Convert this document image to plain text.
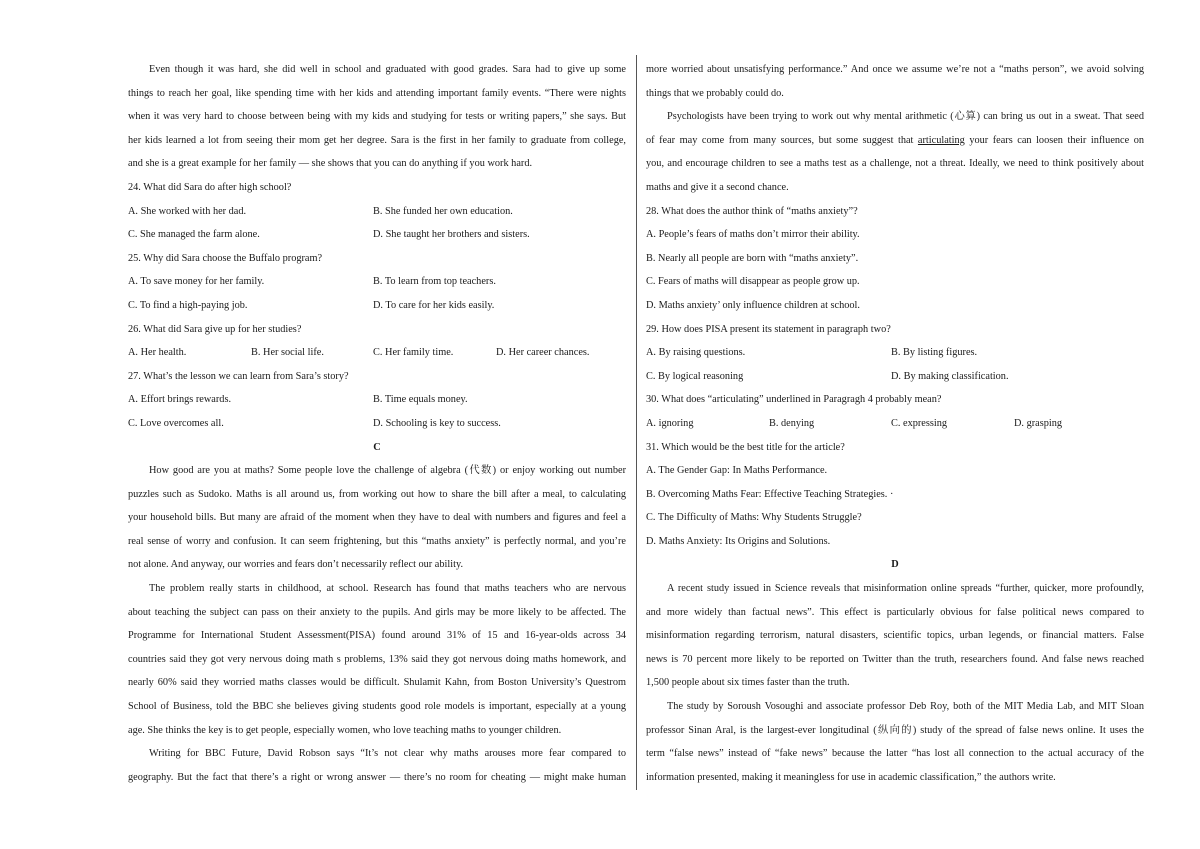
Even though it was hard, she did well in school and graduated with good grades. Sara had to give up some
things to reach her goal, like spending time with her kids and attending important family events. “There were nights
when it was very hard to choose between being with my kids and studying for tests or writing papers,” she says. But
her kids learned a lot from seeing their mom get her degree. Sara is the first in her family to graduate from college,
and she is a great example for her family — she shows that you can do anything if you work hard.
24. What did Sara do after high school?
A. She worked with her dad.	B. She funded her own education.
C. She managed the farm alone.	D. She taught her brothers and sisters.
25. Why did Sara choose the Buffalo program?
A. To save money for her family.	B. To learn from top teachers.
C. To find a high-paying job.	D. To care for her kids easily.
26. What did Sara give up for her studies?
A. Her health.	B. Her social life.	C. Her family time.	D. Her career chances.
27. What’s the lesson we can learn from Sara’s story?
A. Effort brings rewards.	B. Time equals money.
C. Love overcomes all.	D. Schooling is key to success.
C
How good are you at maths? Some people love the challenge of algebra (代数) or enjoy working out number
puzzles such as Sudoko. Maths is all around us, from working out how to share the bill after a meal, to calculating
your household bills. But many are afraid of the moment when they have to deal with numbers and figures and feel a
real sense of worry and confusion. It can seem frightening, but this “maths anxiety” is perfectly normal, and you’re
not alone. And anyway, our worries and fears don’t necessarily reflect our ability.
The problem really starts in childhood, at school. Research has found that maths teachers who are nervous
about teaching the subject can pass on their anxiety to the pupils. And girls may be more likely to be affected. The
Programme for International Student Assessment(PISA) found around 31% of 15 and 16-year-olds across 34
countries said they got very nervous doing math s problems, 13% said they got nervous doing maths homework, and
nearly 60% said they worried maths classes would be difficult. Shulamit Kahn, from Boston University’s Questrom
School of Business, told the BBC she believes giving students good role models is important, especially at a young
age. She thinks the key is to get people, especially women, who love teaching maths to younger children.
Writing for BBC Future, David Robson says “It’s not clear why maths arouses more fear compared to
geography. But the fact that there’s a right or wrong answer — there’s no room for cheating — might make human
more worried about unsatisfying performance.” And once we assume we’re not a “maths person”, we avoid solving
things that we probably could do.
Psychologists have been trying to work out why mental arithmetic (心算) can bring us out in a sweat. That seed
of fear may come from many sources, but some suggest that articulating your fears can loosen their influence on
you, and encourage children to see a maths test as a challenge, not a threat. Ideally, we need to think positively about
maths and give it a second chance.
28. What does the author think of “maths anxiety”?
A. People’s fears of maths don’t mirror their ability.
B. Nearly all people are born with “maths anxiety”.
C. Fears of maths will disappear as people grow up.
D. Maths anxiety’ only influence children at school.
29. How does PISA present its statement in paragraph two?
A. By raising questions.	B. By listing figures.
C. By logical reasoning	D. By making classification.
30. What does “articulating” underlined in Paragragh 4 probably mean?
A. ignoring	B. denying	C. expressing	D. grasping
31. Which would be the best title for the article?
A. The Gender Gap: In Maths Performance.
B. Overcoming Maths Fear: Effective Teaching Strategies. ·
C. The Difficulty of Maths: Why Students Struggle?
D. Maths Anxiety: Its Origins and Solutions.
D
A recent study issued in Science reveals that misinformation online spreads “further, quicker, more profoundly,
and more widely than factual news”. This effect is particularly obvious for false political news compared to
misinformation regarding terrorism, natural disasters, scientific topics, urban legends, or financial matters. False
news is 70 percent more likely to be reported on Twitter than the truth, researchers found. And false news reached
1,500 people about six times faster than the truth.
The study by Soroush Vosoughi and associate professor Deb Roy, both of the MIT Media Lab, and MIT Sloan
professor Sinan Aral, is the largest-ever longitudinal (纵向的) study of the spread of false news online. It uses the
term “false news” instead of “fake news” because the latter “has lost all connection to the actual accuracy of the
information presented, making it meaningless for use in academic classification,” the authors write.
